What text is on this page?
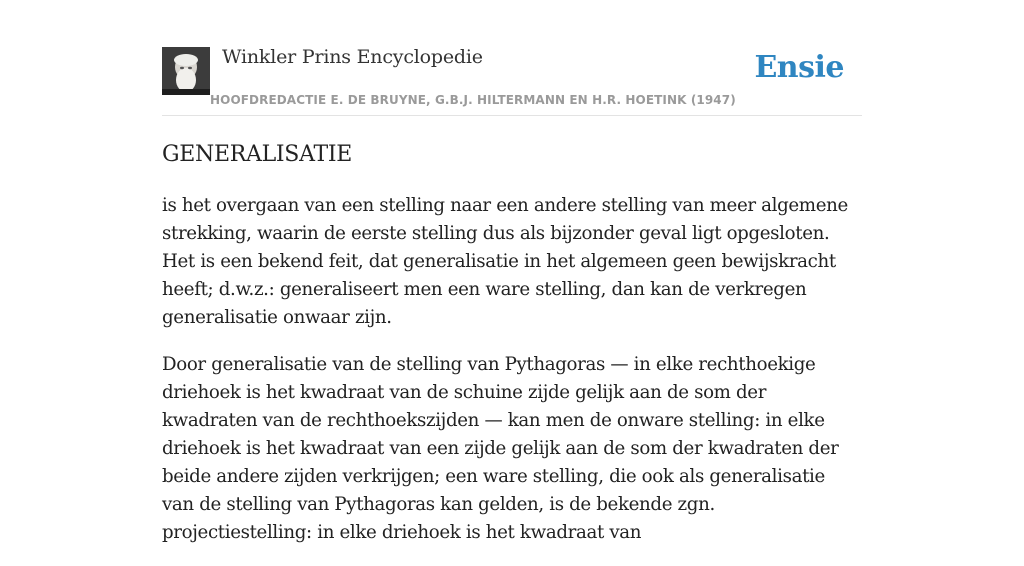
Winkler Prins Encyclopedie
HOOFDREDACTIE E. DE BRUYNE, G.B.J. HILTERMANN EN H.R. HOETINK (1947)
Ensie
GENERALISATIE

is het overgaan van een stelling naar een andere stelling van meer algemene strekking, waarin de eerste stelling dus als bijzonder geval ligt opgesloten. Het is een bekend feit, dat generalisatie in het algemeen geen bewijskracht heeft; d.w.z.: generaliseert men een ware stelling, dan kan de verkregen generalisatie onwaar zijn.

Door generalisatie van de stelling van Pythagoras — in elke rechthoekige driehoek is het kwadraat van de schuine zijde gelijk aan de som der kwadraten van de rechthoekszijden — kan men de onware stelling: in elke driehoek is het kwadraat van een zijde gelijk aan de som der kwadraten der beide andere zijden verkrijgen; een ware stelling, die ook als generalisatie van de stelling van Pythagoras kan gelden, is de bekende zgn. projectiestelling: in elke driehoek is het kwadraat van
